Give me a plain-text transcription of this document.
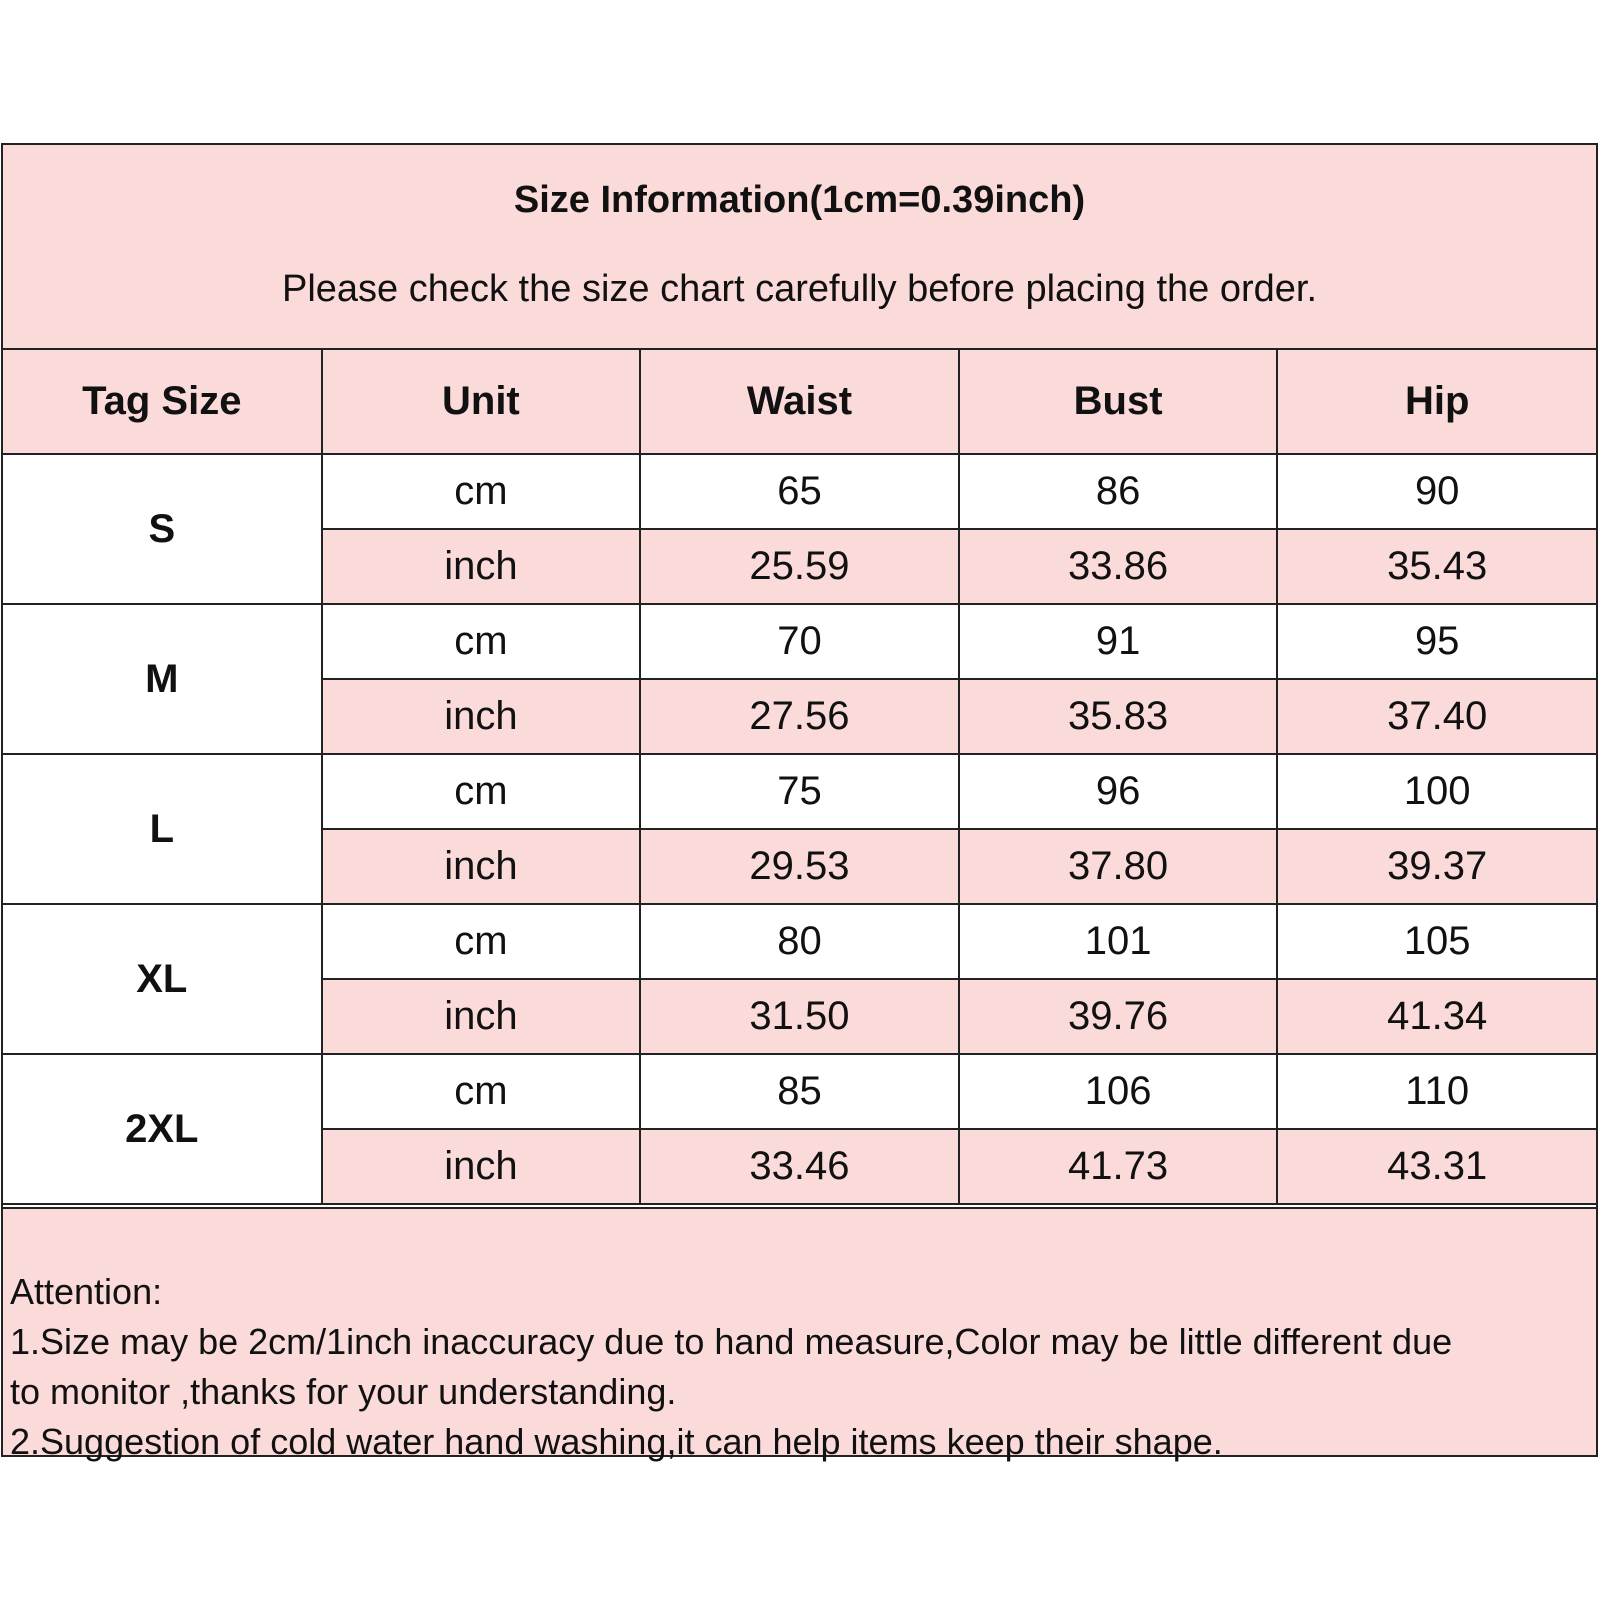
Size Information(1cm=0.39inch)
Please check the size chart carefully before placing the order.
Tag Size	Unit	Waist	Bust	Hip
S	cm	65	86	90
	inch	25.59	33.86	35.43
M	cm	70	91	95
	inch	27.56	35.83	37.40
L	cm	75	96	100
	inch	29.53	37.80	39.37
XL	cm	80	101	105
	inch	31.50	39.76	41.34
2XL	cm	85	106	110
	inch	33.46	41.73	43.31
Attention:
1.Size may be 2cm/1inch inaccuracy due to hand measure,Color may be little different due
to monitor ,thanks for your understanding.
2.Suggestion of cold water hand washing,it can help items keep their shape.
